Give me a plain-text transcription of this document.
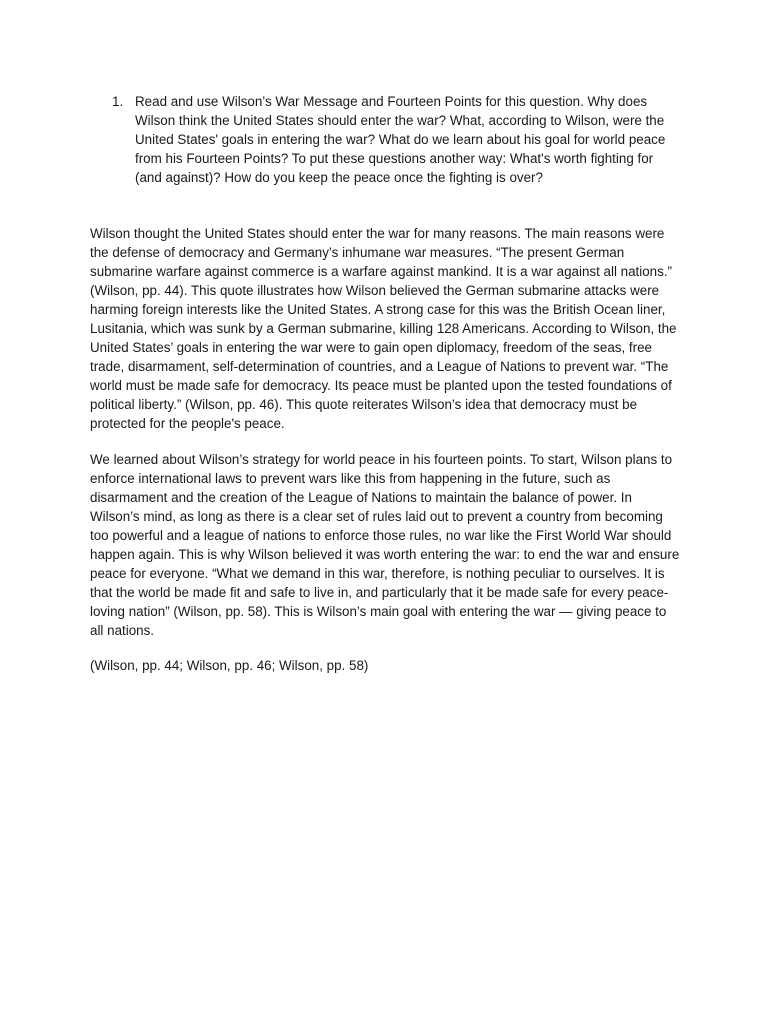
1. Read and use Wilson’s War Message and Fourteen Points for this question. Why does Wilson think the United States should enter the war? What, according to Wilson, were the United States' goals in entering the war? What do we learn about his goal for world peace from his Fourteen Points? To put these questions another way: What's worth fighting for (and against)? How do you keep the peace once the fighting is over?

Wilson thought the United States should enter the war for many reasons. The main reasons were the defense of democracy and Germany’s inhumane war measures. “The present German submarine warfare against commerce is a warfare against mankind. It is a war against all nations.” (Wilson, pp. 44). This quote illustrates how Wilson believed the German submarine attacks were harming foreign interests like the United States. A strong case for this was the British Ocean liner, Lusitania, which was sunk by a German submarine, killing 128 Americans. According to Wilson, the United States’ goals in entering the war were to gain open diplomacy, freedom of the seas, free trade, disarmament, self-determination of countries, and a League of Nations to prevent war. “The world must be made safe for democracy. Its peace must be planted upon the tested foundations of political liberty.” (Wilson, pp. 46). This quote reiterates Wilson’s idea that democracy must be protected for the people's peace.

We learned about Wilson’s strategy for world peace in his fourteen points. To start, Wilson plans to enforce international laws to prevent wars like this from happening in the future, such as disarmament and the creation of the League of Nations to maintain the balance of power. In Wilson’s mind, as long as there is a clear set of rules laid out to prevent a country from becoming too powerful and a league of nations to enforce those rules, no war like the First World War should happen again. This is why Wilson believed it was worth entering the war: to end the war and ensure peace for everyone. “What we demand in this war, therefore, is nothing peculiar to ourselves. It is that the world be made fit and safe to live in, and particularly that it be made safe for every peace-loving nation” (Wilson, pp. 58). This is Wilson’s main goal with entering the war — giving peace to all nations.

(Wilson, pp. 44; Wilson, pp. 46; Wilson, pp. 58)
